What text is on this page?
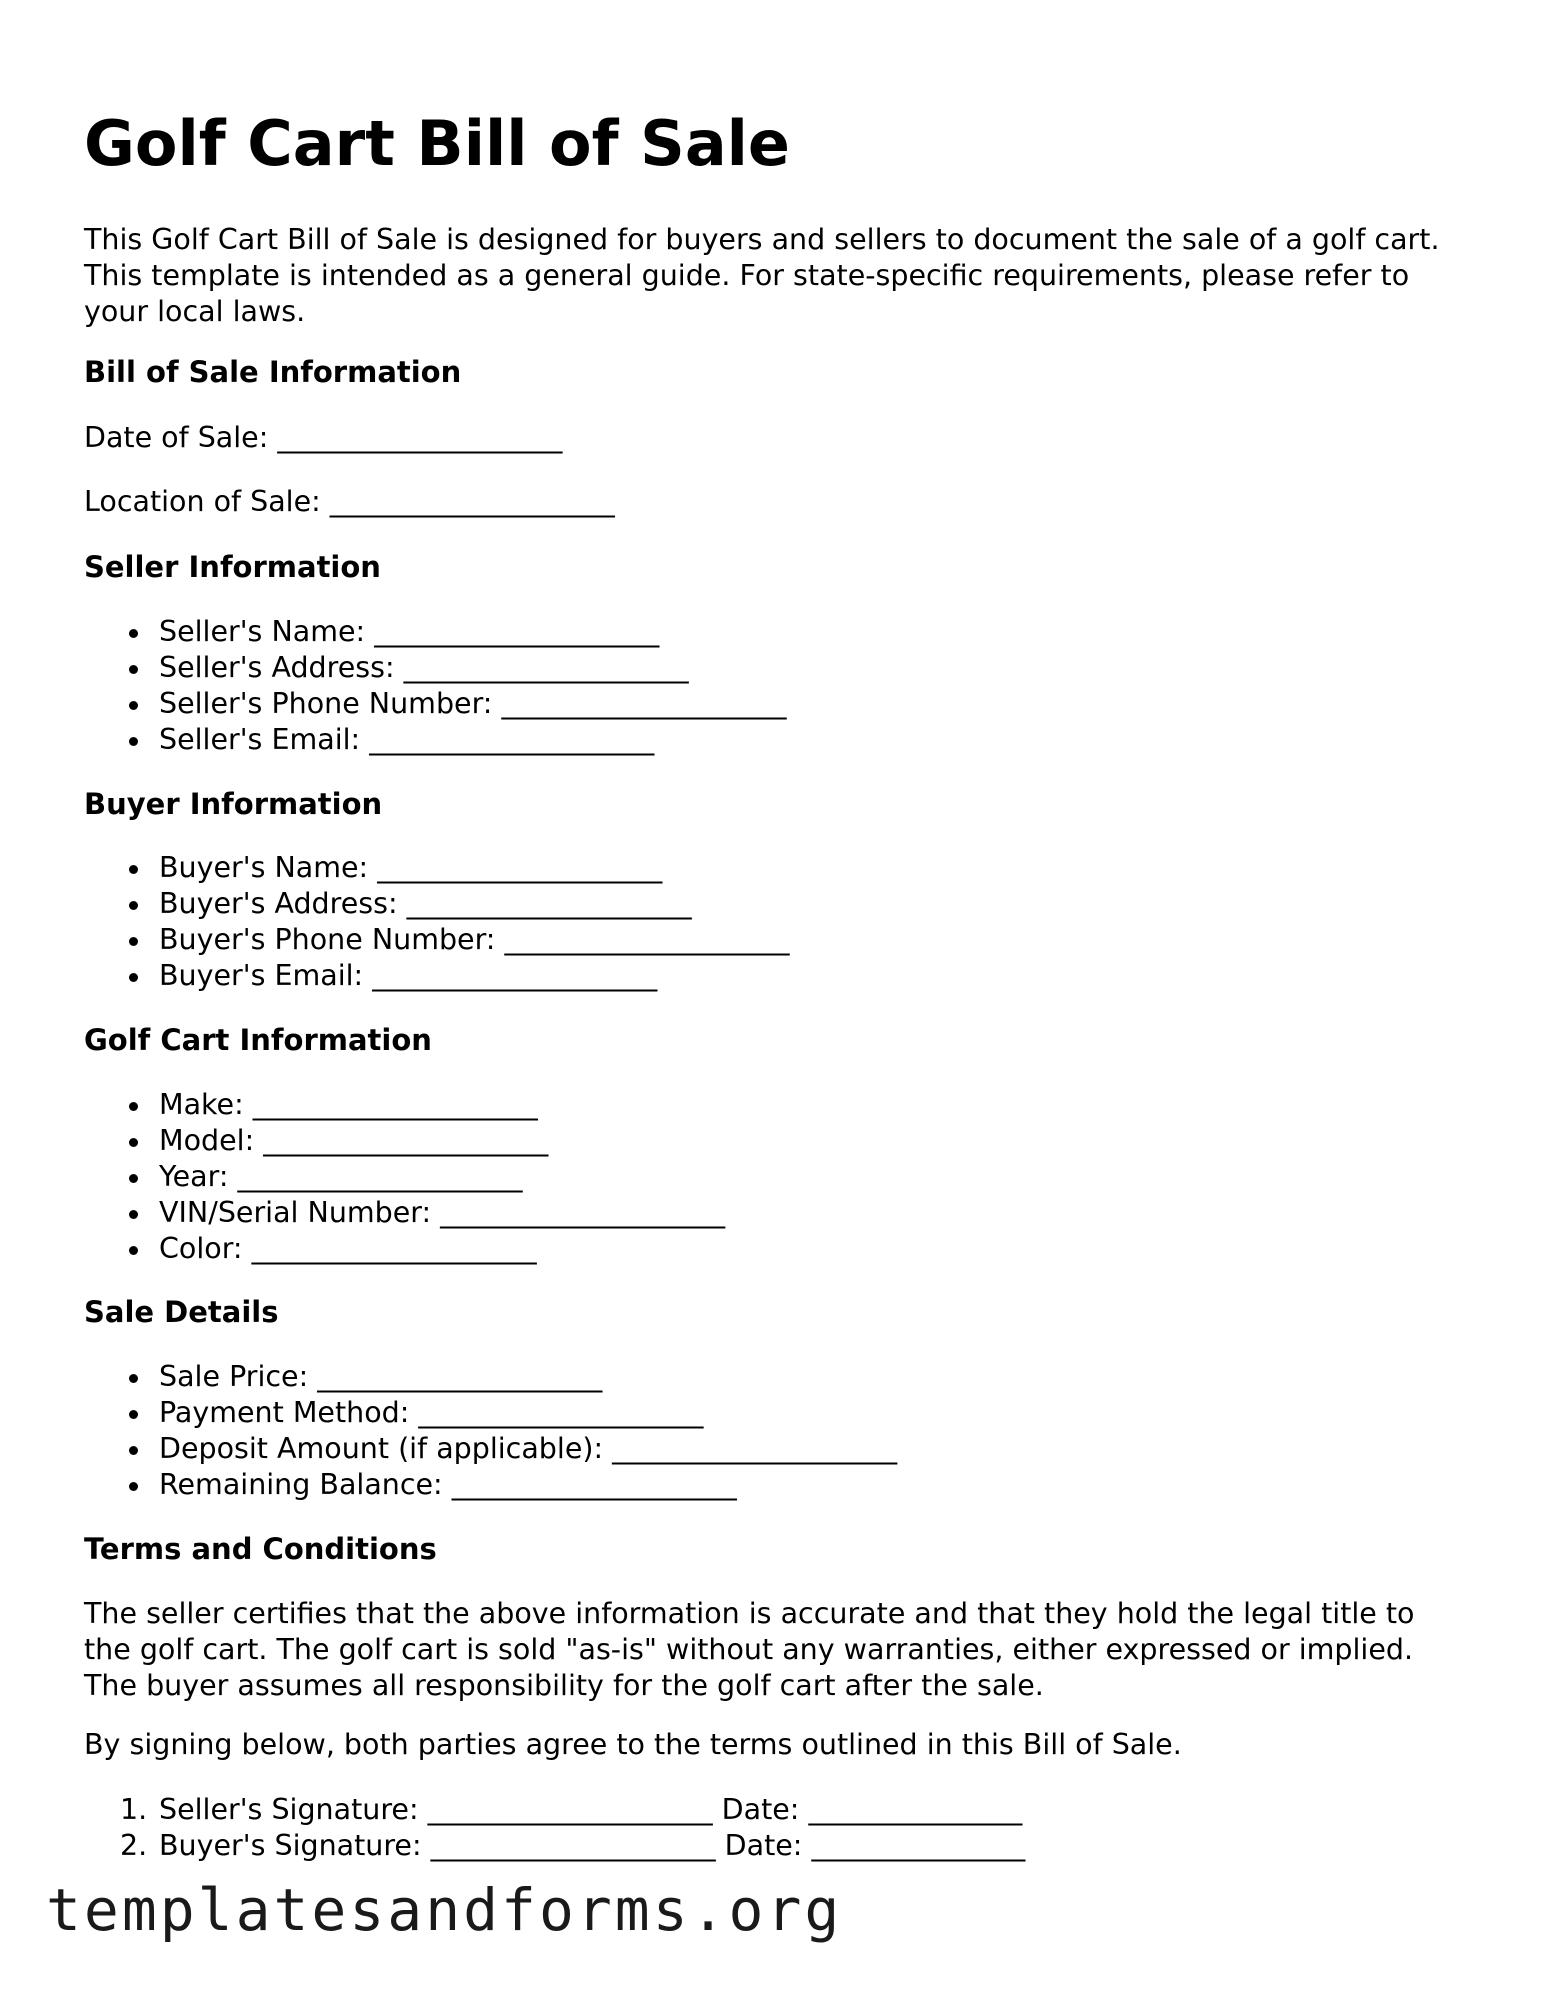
Golf Cart Bill of Sale

This Golf Cart Bill of Sale is designed for buyers and sellers to document the sale of a golf cart. This template is intended as a general guide. For state-specific requirements, please refer to your local laws.

Bill of Sale Information
Date of Sale: ____________________
Location of Sale: ____________________
Seller Information
Seller's Name: ____________________
Seller's Address: ____________________
Seller's Phone Number: ____________________
Seller's Email: ____________________
Buyer Information
Buyer's Name: ____________________
Buyer's Address: ____________________
Buyer's Phone Number: ____________________
Buyer's Email: ____________________
Golf Cart Information
Make: ____________________
Model: ____________________
Year: ____________________
VIN/Serial Number: ____________________
Color: ____________________
Sale Details
Sale Price: ____________________
Payment Method: ____________________
Deposit Amount (if applicable): ____________________
Remaining Balance: ____________________
Terms and Conditions

The seller certifies that the above information is accurate and that they hold the legal title to the golf cart. The golf cart is sold "as-is" without any warranties, either expressed or implied. The buyer assumes all responsibility for the golf cart after the sale.

By signing below, both parties agree to the terms outlined in this Bill of Sale.

1. Seller's Signature: ____________________ Date: _______________
2. Buyer's Signature: ____________________ Date: _______________
templatesandforms.org
